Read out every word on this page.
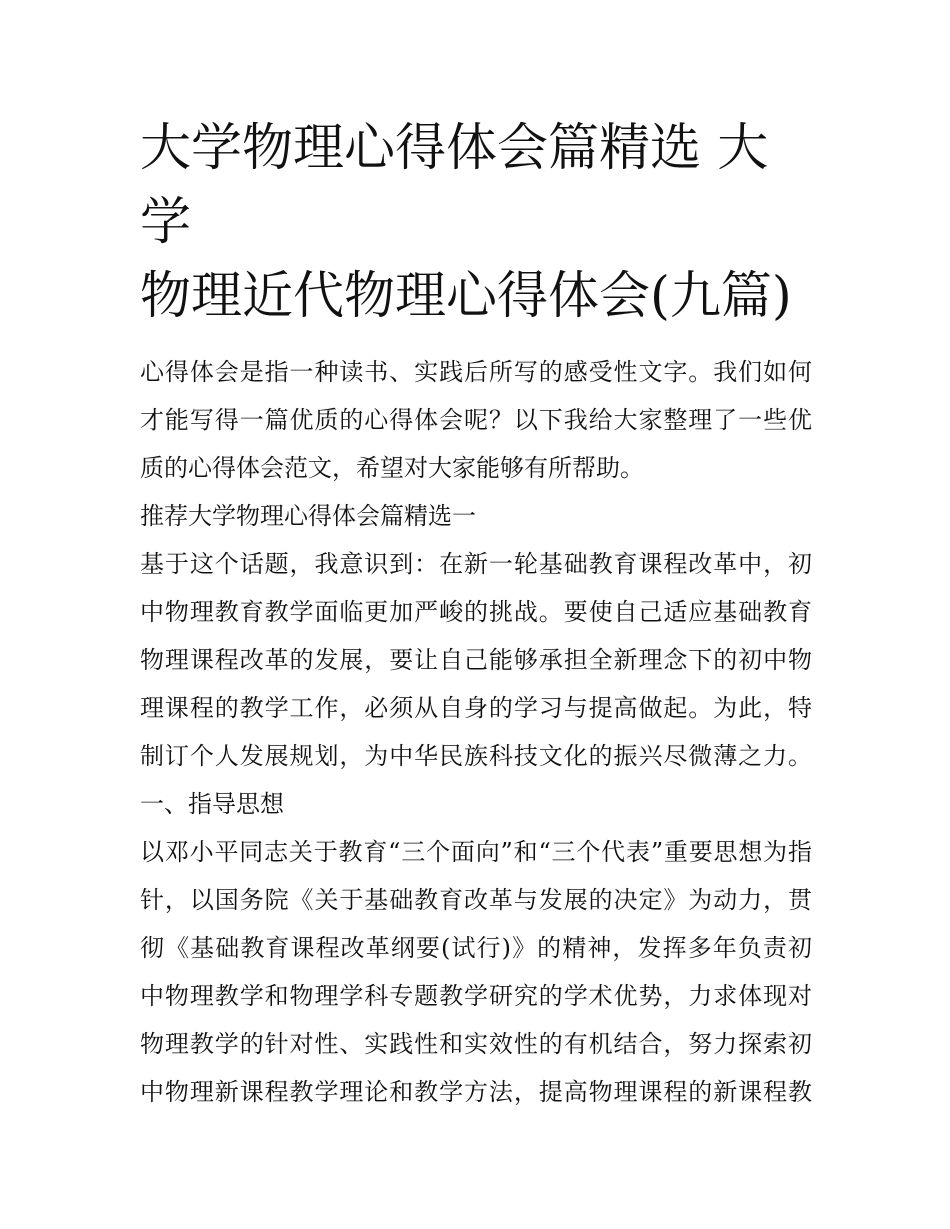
大学物理心得体会篇精选 大学
物理近代物理心得体会(九篇)
心得体会是指一种读书、实践后所写的感受性文字。我们如何
才能写得一篇优质的心得体会呢？以下我给大家整理了一些优
质的心得体会范文，希望对大家能够有所帮助。
推荐大学物理心得体会篇精选一
基于这个话题，我意识到：在新一轮基础教育课程改革中，初
中物理教育教学面临更加严峻的挑战。要使自己适应基础教育
物理课程改革的发展，要让自己能够承担全新理念下的初中物
理课程的教学工作，必须从自身的学习与提高做起。为此，特
制订个人发展规划，为中华民族科技文化的振兴尽微薄之力。
一、指导思想
以邓小平同志关于教育“三个面向”和“三个代表”重要思想为指
针，以国务院《关于基础教育改革与发展的决定》为动力，贯
彻《基础教育课程改革纲要(试行)》的精神，发挥多年负责初
中物理教学和物理学科专题教学研究的学术优势，力求体现对
物理教学的针对性、实践性和实效性的有机结合，努力探索初
中物理新课程教学理论和教学方法，提高物理课程的新课程教
